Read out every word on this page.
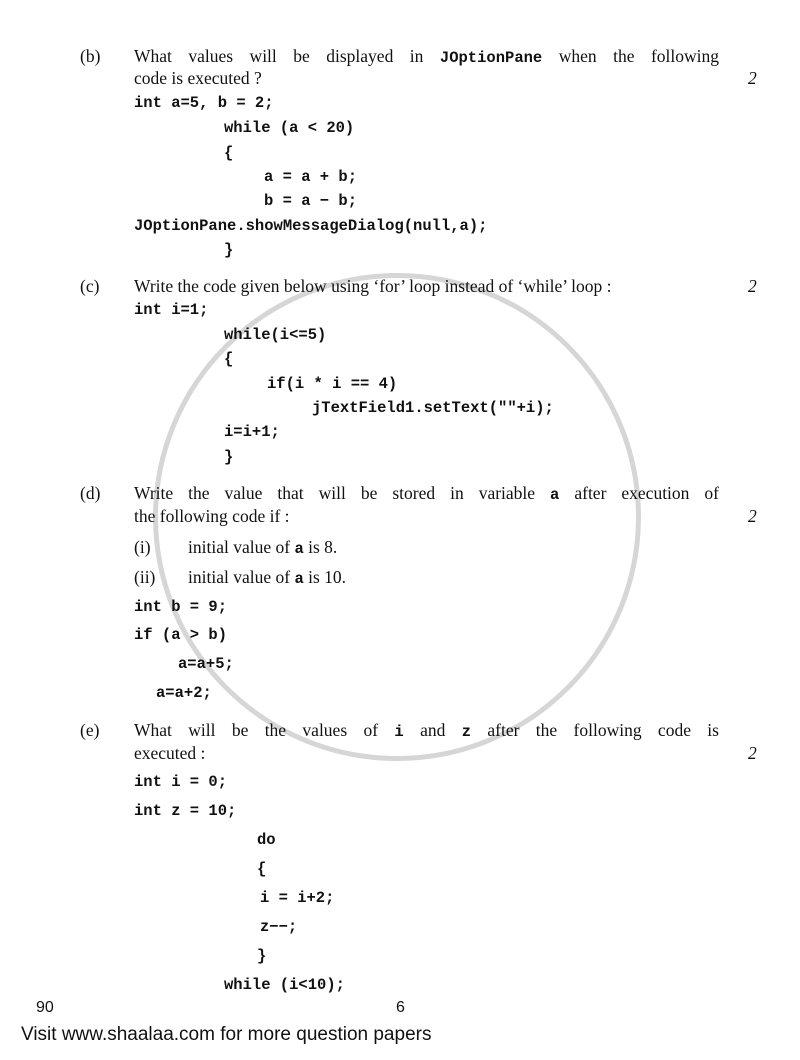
(b) What values will be displayed in JOptionPane when the following
code is executed ?	2
int a=5, b = 2;
while (a < 20)
{
a = a + b;
b = a − b;
JOptionPane.showMessageDialog(null,a);
}
(c) Write the code given below using ‘for’ loop instead of ‘while’ loop :	2
int i=1;
while(i<=5)
{
if(i * i == 4)
jTextField1.setText(""+i);
i=i+1;
}
(d) Write the value that will be stored in variable a after execution of
the following code if :	2
(i) initial value of a is 8.
(ii) initial value of a is 10.
int b = 9;
if (a > b)
a=a+5;
a=a+2;
(e) What will be the values of i and z after the following code is
executed :	2
int i = 0;
int z = 10;
do
{
i = i+2;
z−−;
}
while (i<10);
90	6
Visit www.shaalaa.com for more question papers
